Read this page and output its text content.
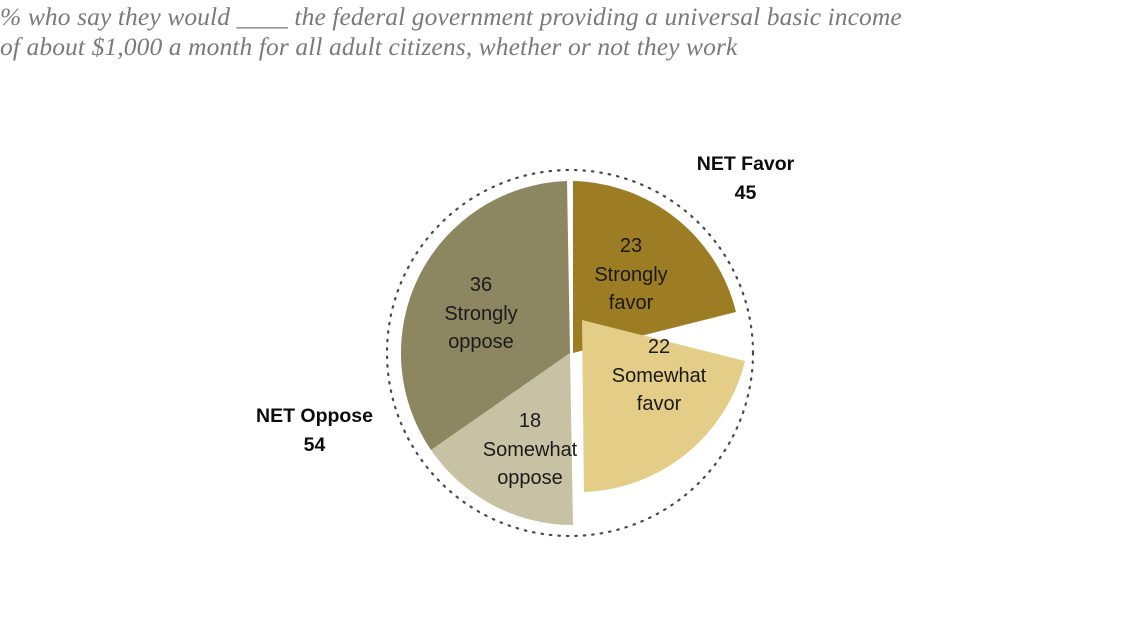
% who say they would ____ the federal government providing a universal basic income
of about $1,000 a month for all adult citizens, whether or not they work
23
Strongly
favor
22
Somewhat
favor
18
Somewhat
oppose
36
Strongly
oppose
NET Favor
45
NET Oppose
54
